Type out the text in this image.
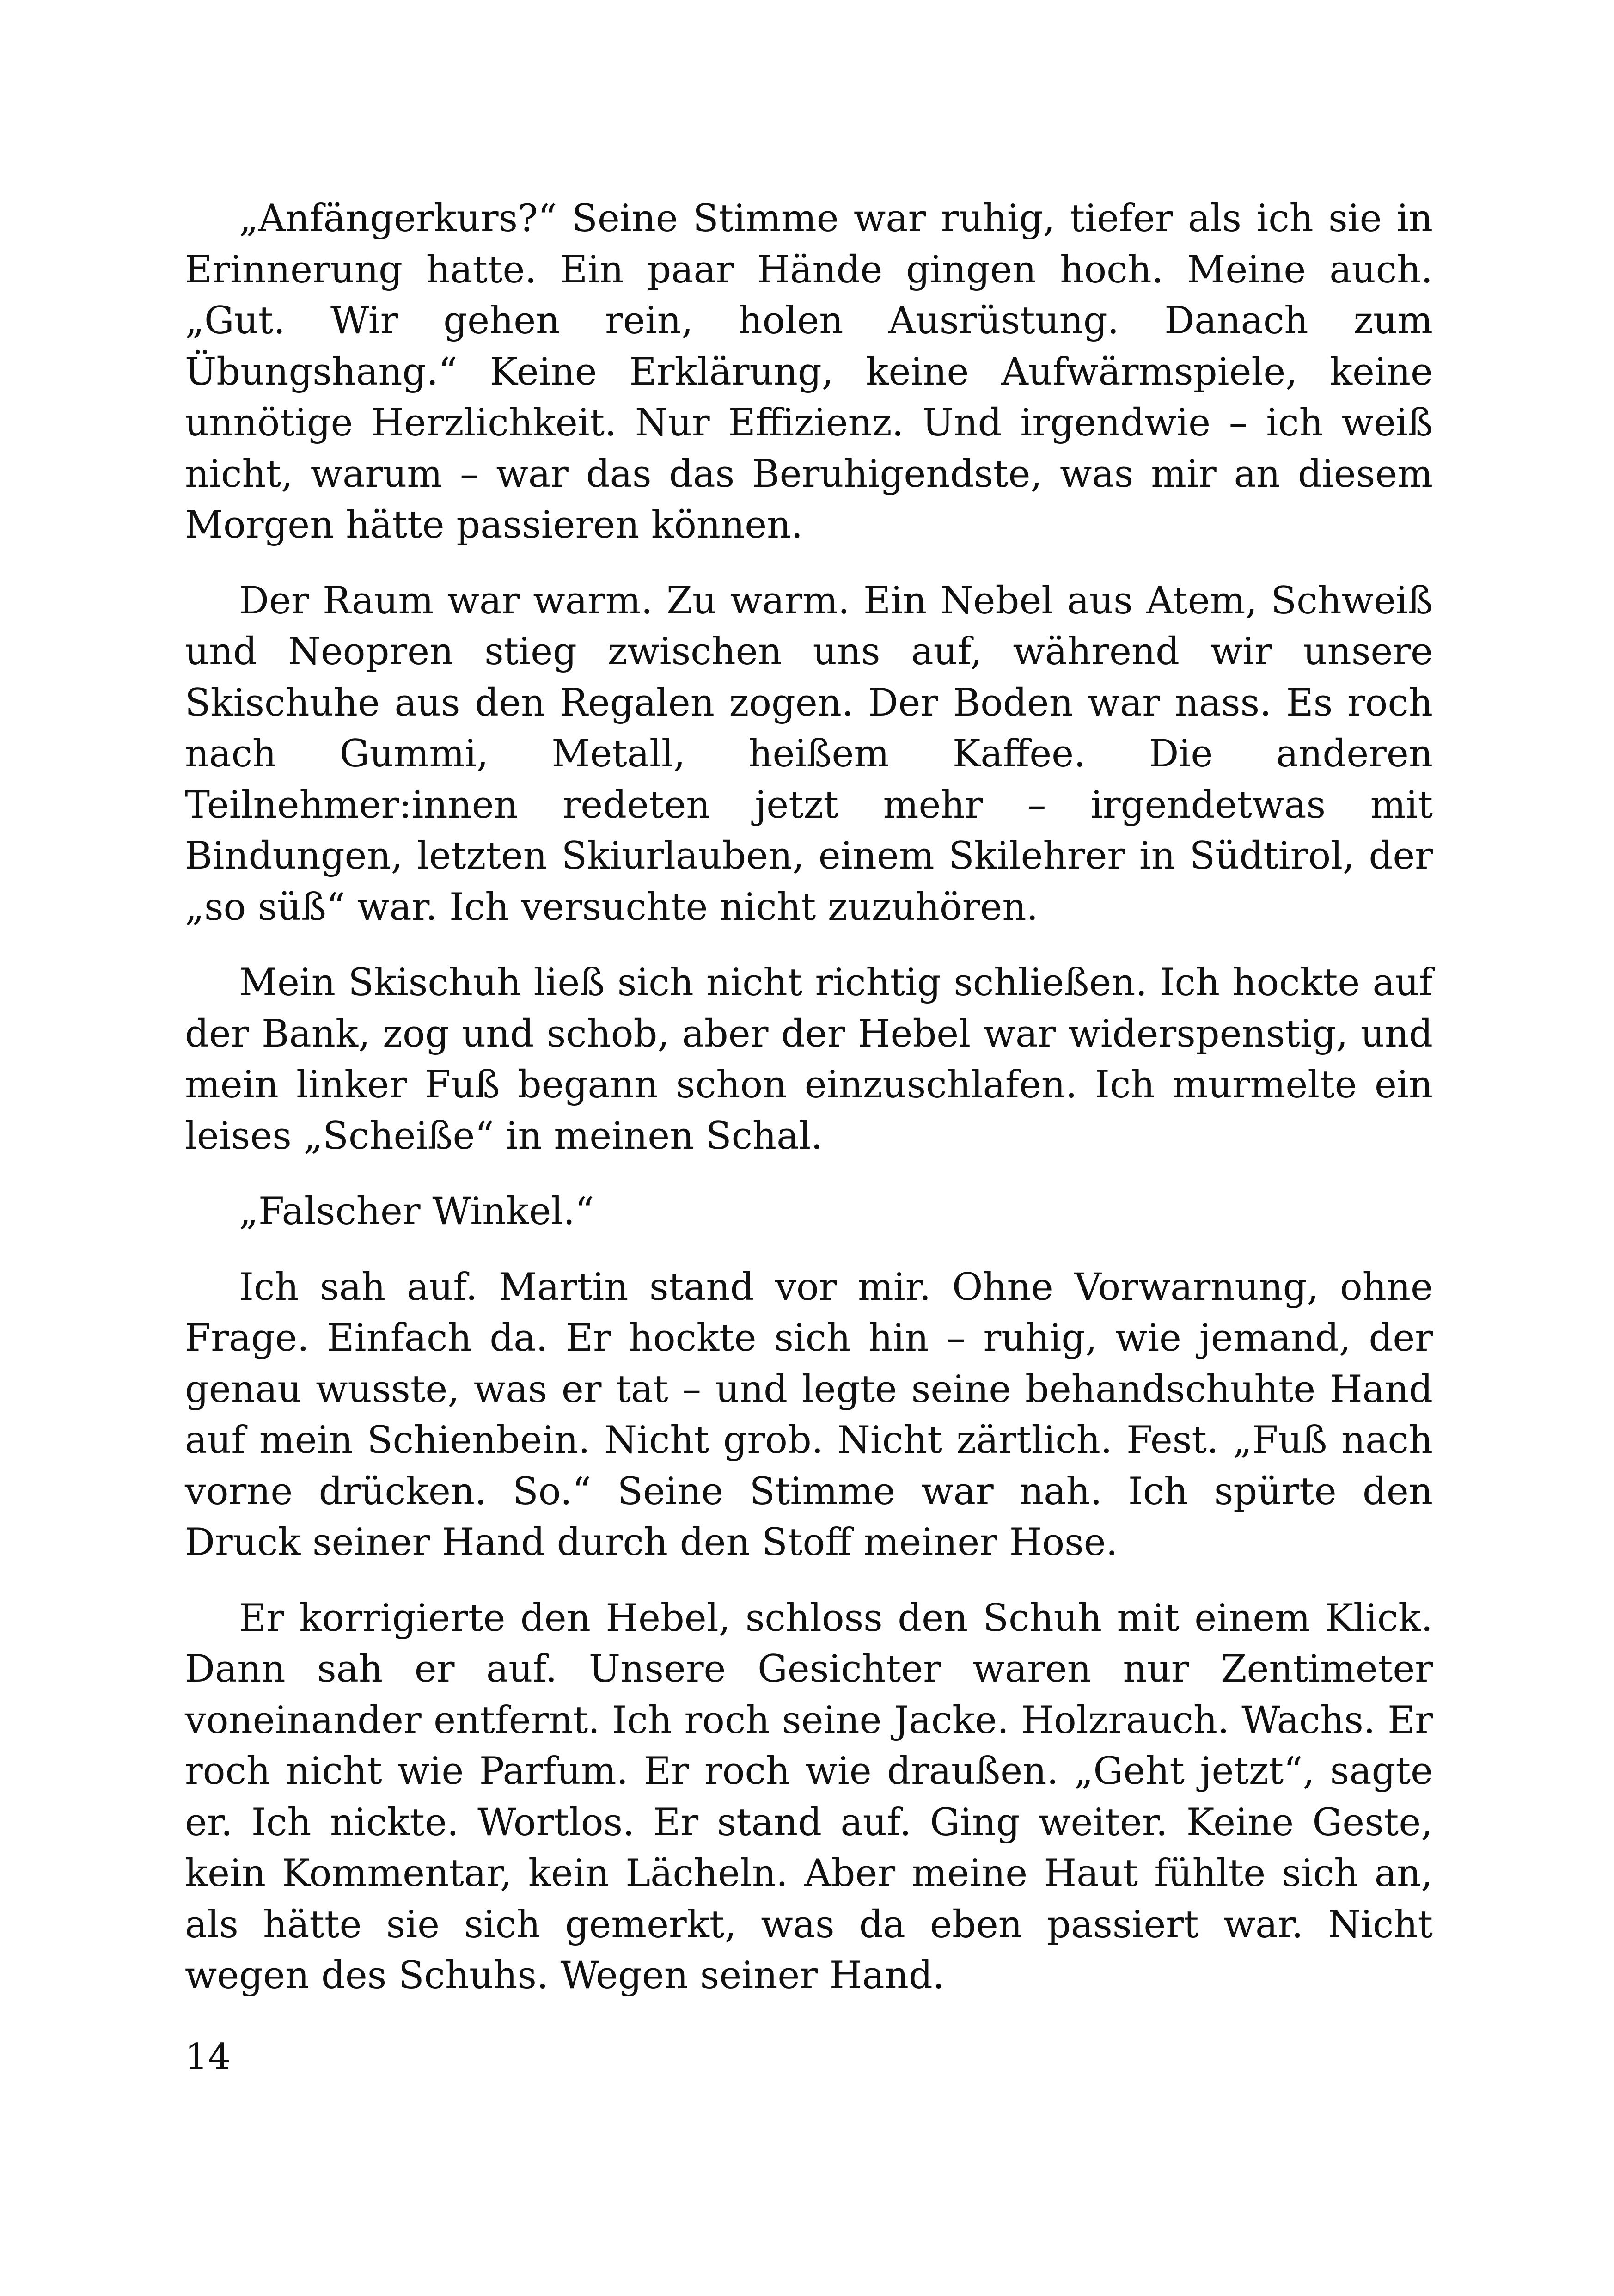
„Anfängerkurs?“ Seine Stimme war ruhig, tiefer als ich sie in Erinnerung hatte. Ein paar Hände gingen hoch. Meine auch. „Gut. Wir gehen rein, holen Ausrüstung. Danach zum Übungshang.“ Keine Erklärung, keine Aufwärmspiele, keine unnötige Herzlichkeit. Nur Effizienz. Und irgendwie – ich weiß nicht, warum – war das das Beruhigendste, was mir an diesem Morgen hätte passieren können.

Der Raum war warm. Zu warm. Ein Nebel aus Atem, Schweiß und Neopren stieg zwischen uns auf, während wir unsere Skischuhe aus den Regalen zogen. Der Boden war nass. Es roch nach Gummi, Metall, heißem Kaffee. Die anderen Teilnehmer:innen redeten jetzt mehr – irgendetwas mit Bindungen, letzten Skiurlauben, einem Skilehrer in Südtirol, der „so süß“ war. Ich versuchte nicht zuzuhören.

Mein Skischuh ließ sich nicht richtig schließen. Ich hockte auf der Bank, zog und schob, aber der Hebel war widerspenstig, und mein linker Fuß begann schon einzuschlafen. Ich murmelte ein leises „Scheiße“ in meinen Schal.

„Falscher Winkel.“

Ich sah auf. Martin stand vor mir. Ohne Vorwarnung, ohne Frage. Einfach da. Er hockte sich hin – ruhig, wie jemand, der genau wusste, was er tat – und legte seine behandschuhte Hand auf mein Schienbein. Nicht grob. Nicht zärtlich. Fest. „Fuß nach vorne drücken. So.“ Seine Stimme war nah. Ich spürte den Druck seiner Hand durch den Stoff meiner Hose.

Er korrigierte den Hebel, schloss den Schuh mit einem Klick. Dann sah er auf. Unsere Gesichter waren nur Zentimeter voneinander entfernt. Ich roch seine Jacke. Holzrauch. Wachs. Er roch nicht wie Parfum. Er roch wie draußen. „Geht jetzt“, sagte er. Ich nickte. Wortlos. Er stand auf. Ging weiter. Keine Geste, kein Kommentar, kein Lächeln. Aber meine Haut fühlte sich an, als hätte sie sich gemerkt, was da eben passiert war. Nicht wegen des Schuhs. Wegen seiner Hand.

14
